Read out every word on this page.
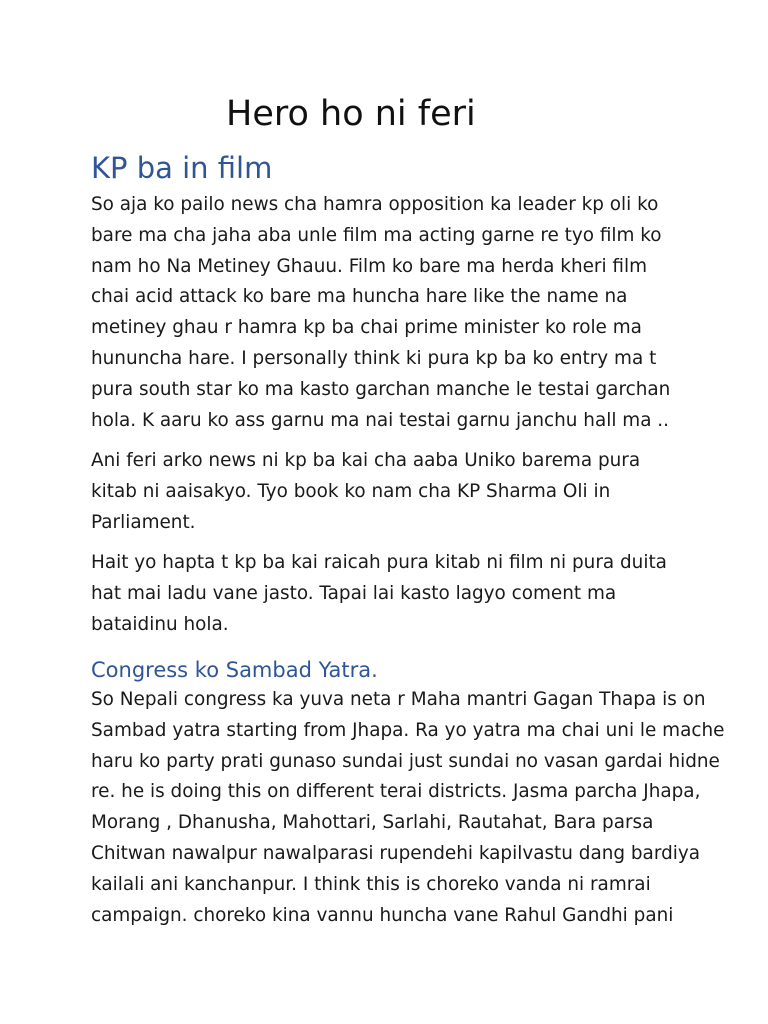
Hero ho ni feri
KP ba in film

So aja ko pailo news cha hamra opposition ka leader kp oli ko
bare ma cha jaha aba unle film ma acting garne re tyo film ko
nam ho Na Metiney Ghauu. Film ko bare ma herda kheri film
chai acid attack ko bare ma huncha hare like the name na
metiney ghau r hamra kp ba chai prime minister ko role ma
hununcha hare. I personally think ki pura kp ba ko entry ma t
pura south star ko ma kasto garchan manche le testai garchan
hola. K aaru ko ass garnu ma nai testai garnu janchu hall ma ..

Ani feri arko news ni kp ba kai cha aaba Uniko barema pura
kitab ni aaisakyo. Tyo book ko nam cha KP Sharma Oli in
Parliament.

Hait yo hapta t kp ba kai raicah pura kitab ni film ni pura duita
hat mai ladu vane jasto. Tapai lai kasto lagyo coment ma
bataidinu hola.

Congress ko Sambad Yatra.

So Nepali congress ka yuva neta r Maha mantri Gagan Thapa is on
Sambad yatra starting from Jhapa. Ra yo yatra ma chai uni le mache
haru ko party prati gunaso sundai just sundai no vasan gardai hidne
re. he is doing this on different terai districts. Jasma parcha Jhapa,
Morang , Dhanusha, Mahottari, Sarlahi, Rautahat, Bara parsa
Chitwan nawalpur nawalparasi rupendehi kapilvastu dang bardiya
kailali ani kanchanpur. I think this is choreko vanda ni ramrai
campaign. choreko kina vannu huncha vane Rahul Gandhi pani
